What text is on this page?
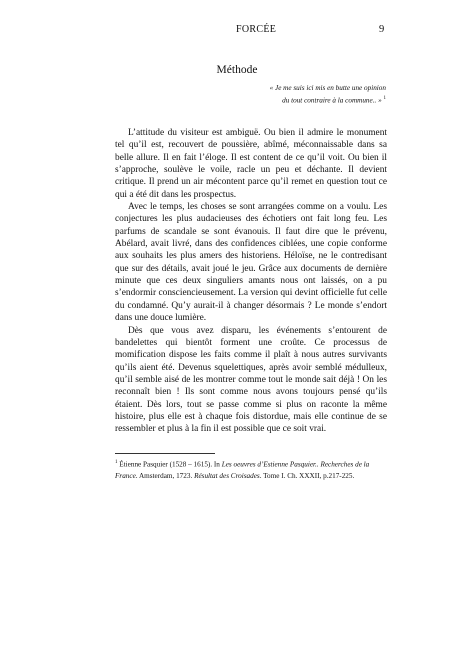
FORCÉE	9
Méthode
« Je me suis ici mis en butte une opinion
du tout contraire à la commune.. » $^1$

L’attitude du visiteur est ambiguë. Ou bien il admire le monument tel qu’il est, recouvert de poussière, abîmé, méconnaissable dans sa belle allure. Il en fait l’éloge. Il est content de ce qu’il voit. Ou bien il s’approche, soulève le voile, racle un peu et déchante. Il devient critique. Il prend un air mécontent parce qu’il remet en question tout ce qui a été dit dans les prospectus.

Avec le temps, les choses se sont arrangées comme on a voulu. Les conjectures les plus audacieuses des échotiers ont fait long feu. Les parfums de scandale se sont évanouis. Il faut dire que le prévenu, Abélard, avait livré, dans des confidences ciblées, une copie conforme aux souhaits les plus amers des historiens. Héloïse, ne le contredisant que sur des détails, avait joué le jeu. Grâce aux documents de dernière minute que ces deux singuliers amants nous ont laissés, on a pu s’endormir consciencieusement. La version qui devint officielle fut celle du condamné. Qu’y aurait-il à changer désormais ? Le monde s’endort dans une douce lumière.

Dès que vous avez disparu, les événements s’entourent de bandelettes qui bientôt forment une croûte. Ce processus de momification dispose les faits comme il plaît à nous autres survivants qu’ils aient été. Devenus squelettiques, après avoir semblé médulleux, qu’il semble aisé de les montrer comme tout le monde sait déjà ! On les reconnaît bien ! Ils sont comme nous avons toujours pensé qu’ils étaient. Dès lors, tout se passe comme si plus on raconte la même histoire, plus elle est à chaque fois distordue, mais elle continue de se ressembler et plus à la fin il est possible que ce soit vrai.

$^1$ Étienne Pasquier (1528 – 1615). In Les oeuvres d’Estienne Pasquier.. Recherches de la France. Amsterdam, 1723. Résultat des Croisades. Tome I. Ch. XXXII, p.217-225.
